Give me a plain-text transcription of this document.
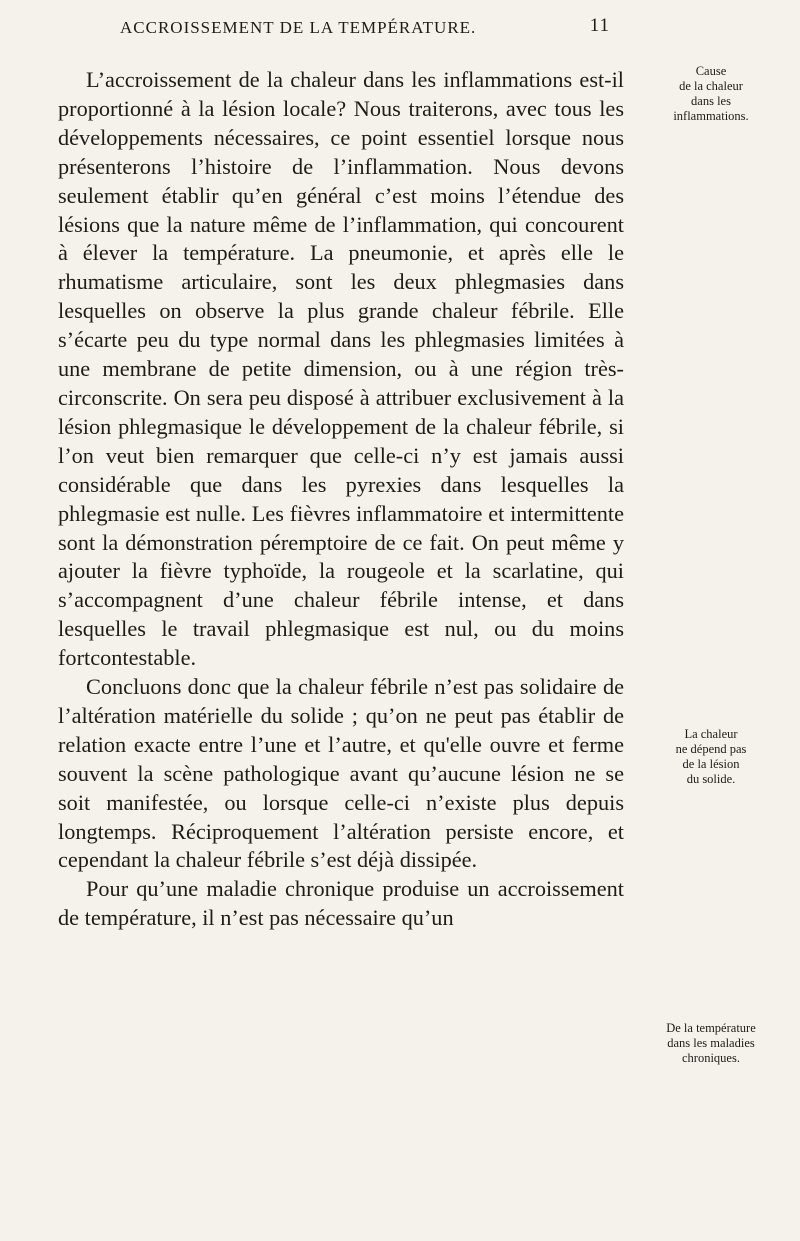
ACCROISSEMENT DE LA TEMPÉRATURE.	11

L’accroissement de la chaleur dans les inflammations est-il proportionné à la lésion locale? Nous traiterons, avec tous les développements nécessaires, ce point essentiel lorsque nous présenterons l’histoire de l’inflammation. Nous devons seulement établir qu’en général c’est moins l’étendue des lésions que la nature même de l’inflammation, qui concourent à élever la température. La pneumonie, et après elle le rhumatisme articulaire, sont les deux phlegmasies dans lesquelles on observe la plus grande chaleur fébrile. Elle s’écarte peu du type normal dans les phlegmasies limitées à une membrane de petite dimension, ou à une région très-circonscrite. On sera peu disposé à attribuer exclusivement à la lésion phlegmasique le développement de la chaleur fébrile, si l’on veut bien remarquer que celle-ci n’y est jamais aussi considérable que dans les pyrexies dans lesquelles la phlegmasie est nulle. Les fièvres inflammatoire et intermittente sont la démonstration péremptoire de ce fait. On peut même y ajouter la fièvre typhoïde, la rougeole et la scarlatine, qui s’accompagnent d’une chaleur fébrile intense, et dans lesquelles le travail phlegmasique est nul, ou du moins fortcontestable.

Concluons donc que la chaleur fébrile n’est pas solidaire de l’altération matérielle du solide ; qu’on ne peut pas établir de relation exacte entre l’une et l’autre, et qu'elle ouvre et ferme souvent la scène pathologique avant qu’aucune lésion ne se soit manifestée, ou lorsque celle-ci n’existe plus depuis longtemps. Réciproquement l’altération persiste encore, et cependant la chaleur fébrile s’est déjà dissipée.

Pour qu’une maladie chronique produise un accroissement de température, il n’est pas nécessaire qu’un

Cause
de la chaleur
dans les
inflammations.
La chaleur
ne dépend pas
de la lésion
du solide.
De la température
dans les maladies
chroniques.
